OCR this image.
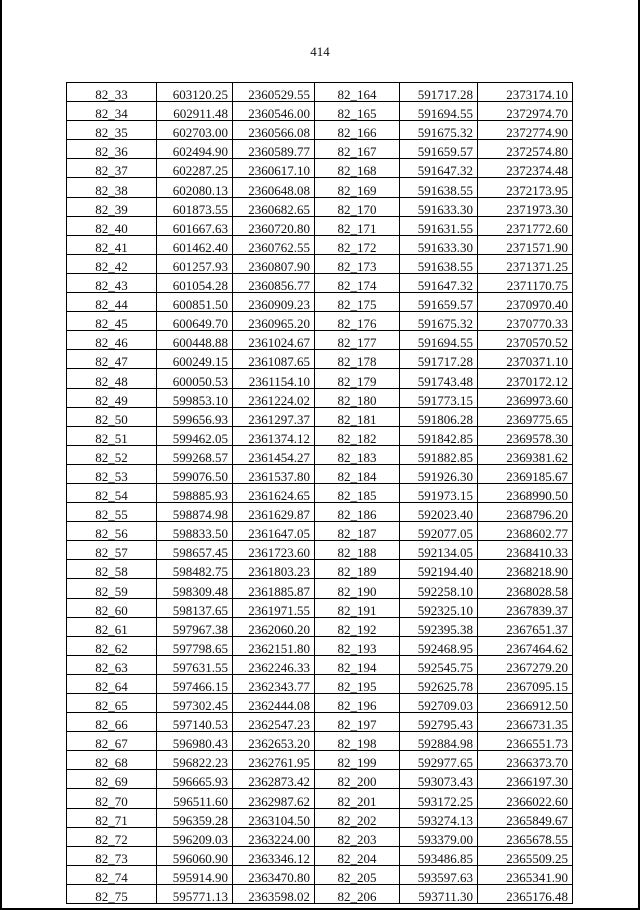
414
82_33	603120.25	2360529.55	82_164	591717.28	2373174.10
82_34	602911.48	2360546.00	82_165	591694.55	2372974.70
82_35	602703.00	2360566.08	82_166	591675.32	2372774.90
82_36	602494.90	2360589.77	82_167	591659.57	2372574.80
82_37	602287.25	2360617.10	82_168	591647.32	2372374.48
82_38	602080.13	2360648.08	82_169	591638.55	2372173.95
82_39	601873.55	2360682.65	82_170	591633.30	2371973.30
82_40	601667.63	2360720.80	82_171	591631.55	2371772.60
82_41	601462.40	2360762.55	82_172	591633.30	2371571.90
82_42	601257.93	2360807.90	82_173	591638.55	2371371.25
82_43	601054.28	2360856.77	82_174	591647.32	2371170.75
82_44	600851.50	2360909.23	82_175	591659.57	2370970.40
82_45	600649.70	2360965.20	82_176	591675.32	2370770.33
82_46	600448.88	2361024.67	82_177	591694.55	2370570.52
82_47	600249.15	2361087.65	82_178	591717.28	2370371.10
82_48	600050.53	2361154.10	82_179	591743.48	2370172.12
82_49	599853.10	2361224.02	82_180	591773.15	2369973.60
82_50	599656.93	2361297.37	82_181	591806.28	2369775.65
82_51	599462.05	2361374.12	82_182	591842.85	2369578.30
82_52	599268.57	2361454.27	82_183	591882.85	2369381.62
82_53	599076.50	2361537.80	82_184	591926.30	2369185.67
82_54	598885.93	2361624.65	82_185	591973.15	2368990.50
82_55	598874.98	2361629.87	82_186	592023.40	2368796.20
82_56	598833.50	2361647.05	82_187	592077.05	2368602.77
82_57	598657.45	2361723.60	82_188	592134.05	2368410.33
82_58	598482.75	2361803.23	82_189	592194.40	2368218.90
82_59	598309.48	2361885.87	82_190	592258.10	2368028.58
82_60	598137.65	2361971.55	82_191	592325.10	2367839.37
82_61	597967.38	2362060.20	82_192	592395.38	2367651.37
82_62	597798.65	2362151.80	82_193	592468.95	2367464.62
82_63	597631.55	2362246.33	82_194	592545.75	2367279.20
82_64	597466.15	2362343.77	82_195	592625.78	2367095.15
82_65	597302.45	2362444.08	82_196	592709.03	2366912.50
82_66	597140.53	2362547.23	82_197	592795.43	2366731.35
82_67	596980.43	2362653.20	82_198	592884.98	2366551.73
82_68	596822.23	2362761.95	82_199	592977.65	2366373.70
82_69	596665.93	2362873.42	82_200	593073.43	2366197.30
82_70	596511.60	2362987.62	82_201	593172.25	2366022.60
82_71	596359.28	2363104.50	82_202	593274.13	2365849.67
82_72	596209.03	2363224.00	82_203	593379.00	2365678.55
82_73	596060.90	2363346.12	82_204	593486.85	2365509.25
82_74	595914.90	2363470.80	82_205	593597.63	2365341.90
82_75	595771.13	2363598.02	82_206	593711.30	2365176.48
